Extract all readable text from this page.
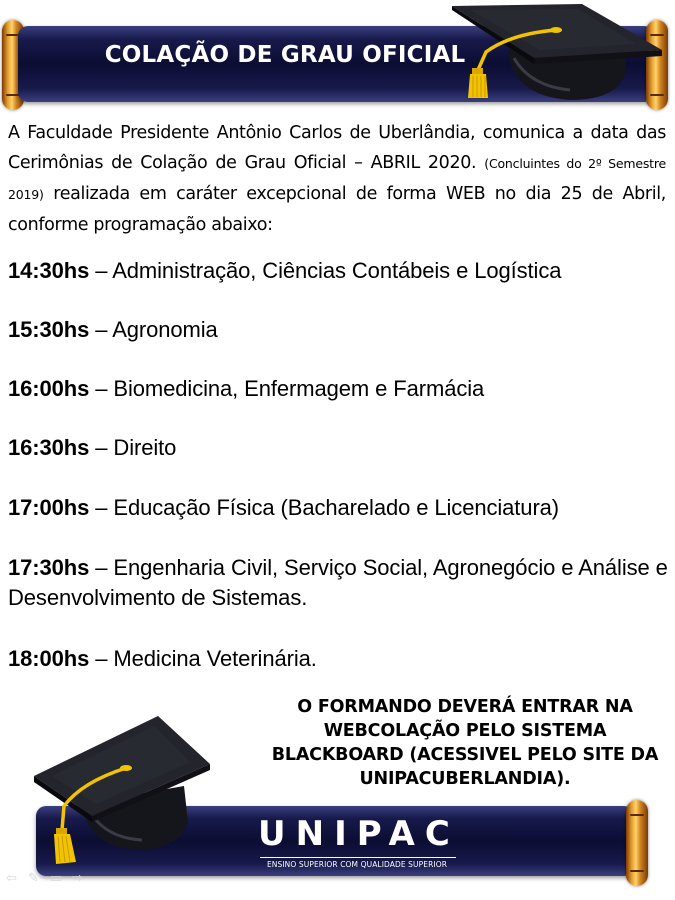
COLAÇÃO DE GRAU OFICIAL
A Faculdade Presidente Antônio Carlos de Uberlândia, comunica a data das Cerimônias de Colação de Grau Oficial – ABRIL 2020. (Concluintes do 2º Semestre 2019) realizada em caráter excepcional de forma WEB no dia 25 de Abril, conforme programação abaixo:
14:30hs – Administração, Ciências Contábeis e Logística
15:30hs – Agronomia
16:00hs – Biomedicina, Enfermagem e Farmácia
16:30hs – Direito
17:00hs – Educação Física (Bacharelado e Licenciatura)
17:30hs – Engenharia Civil, Serviço Social, Agronegócio e Análise e Desenvolvimento de Sistemas.
18:00hs – Medicina Veterinária.
O FORMANDO DEVERÁ ENTRAR NA WEBCOLAÇÃO PELO SISTEMA BLACKBOARD (ACESSIVEL PELO SITE DA UNIPACUBERLANDIA).
UNIPAC
ENSINO SUPERIOR COM QUALIDADE SUPERIOR
⇦ ✎ ▭ ⇨
